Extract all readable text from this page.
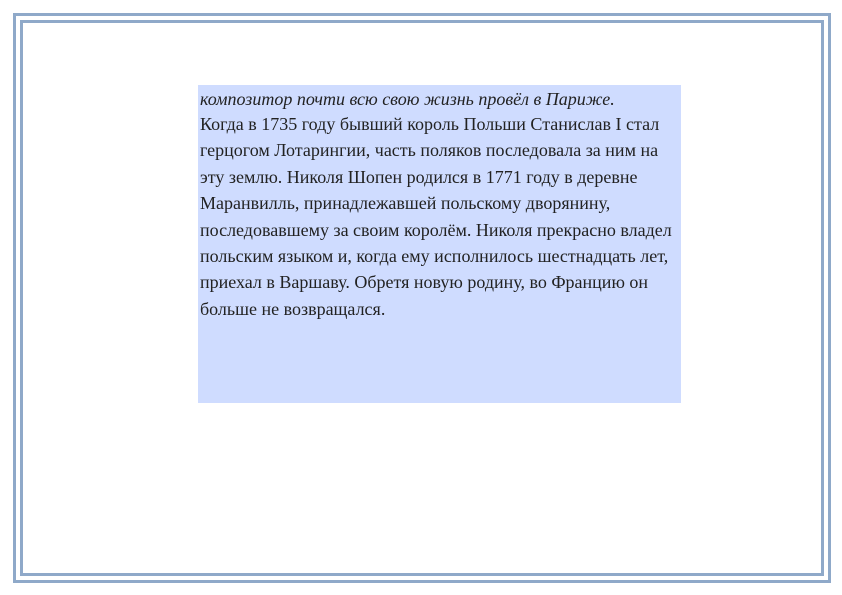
композитор почти всю свою жизнь провёл в Париже.

Когда в 1735 году бывший король Польши Станислав I стал герцогом Лотарингии, часть поляков последовала за ним на эту землю. Николя Шопен родился в 1771 году в деревне Маранвилль, принадлежавшей польскому дворянину, последовавшему за своим королём. Николя прекрасно владел польским языком и, когда ему исполнилось шестнадцать лет, приехал в Варшаву. Обретя новую родину, во Францию он больше не возвращался.
